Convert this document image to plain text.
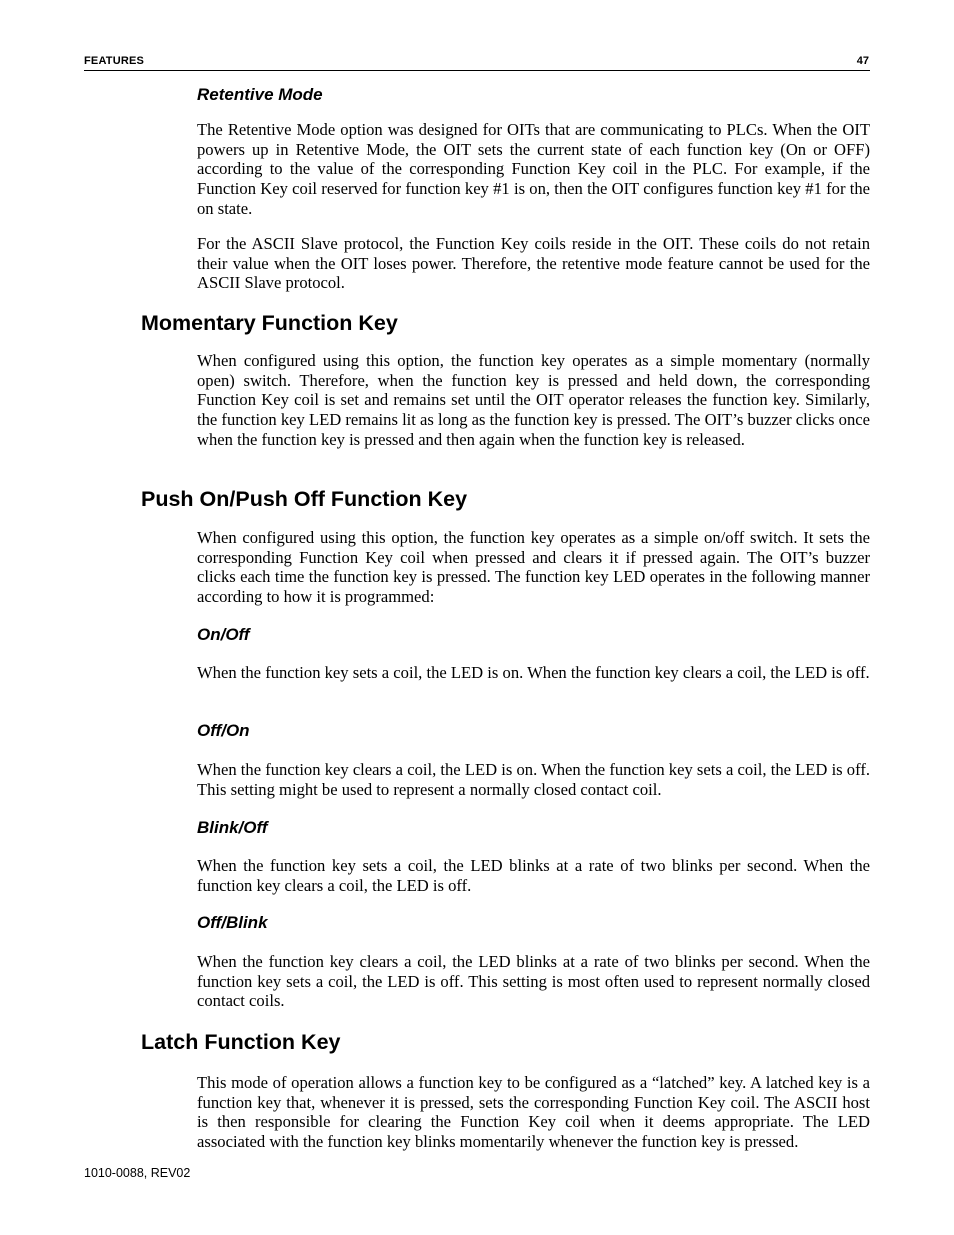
FEATURES	47
Retentive Mode
The Retentive Mode option was designed for OITs that are communicating to PLCs. When the OIT powers up in Retentive Mode, the OIT sets the current state of each function key (On or OFF) according to the value of the corresponding Function Key coil in the PLC. For example, if the Function Key coil reserved for function key #1 is on, then the OIT configures function key #1 for the on state.
For the ASCII Slave protocol, the Function Key coils reside in the OIT. These coils do not retain their value when the OIT loses power. Therefore, the retentive mode feature cannot be used for the ASCII Slave protocol.
Momentary Function Key
When configured using this option, the function key operates as a simple momentary (normally open) switch. Therefore, when the function key is pressed and held down, the corresponding Function Key coil is set and remains set until the OIT operator releases the function key. Similarly, the function key LED remains lit as long as the function key is pressed. The OIT’s buzzer clicks once when the function key is pressed and then again when the function key is released.
Push On/Push Off Function Key
When configured using this option, the function key operates as a simple on/off switch. It sets the corresponding Function Key coil when pressed and clears it if pressed again. The OIT’s buzzer clicks each time the function key is pressed. The function key LED operates in the following manner according to how it is programmed:
On/Off
When the function key sets a coil, the LED is on. When the function key clears a coil, the LED is off.
Off/On
When the function key clears a coil, the LED is on. When the function key sets a coil, the LED is off. This setting might be used to represent a normally closed contact coil.
Blink/Off
When the function key sets a coil, the LED blinks at a rate of two blinks per second. When the function key clears a coil, the LED is off.
Off/Blink
When the function key clears a coil, the LED blinks at a rate of two blinks per second. When the function key sets a coil, the LED is off. This setting is most often used to represent normally closed contact coils.
Latch Function Key
This mode of operation allows a function key to be configured as a “latched” key. A latched key is a function key that, whenever it is pressed, sets the corresponding Function Key coil. The ASCII host is then responsible for clearing the Function Key coil when it deems appropriate. The LED associated with the function key blinks momentarily whenever the function key is pressed.
1010-0088, REV02
